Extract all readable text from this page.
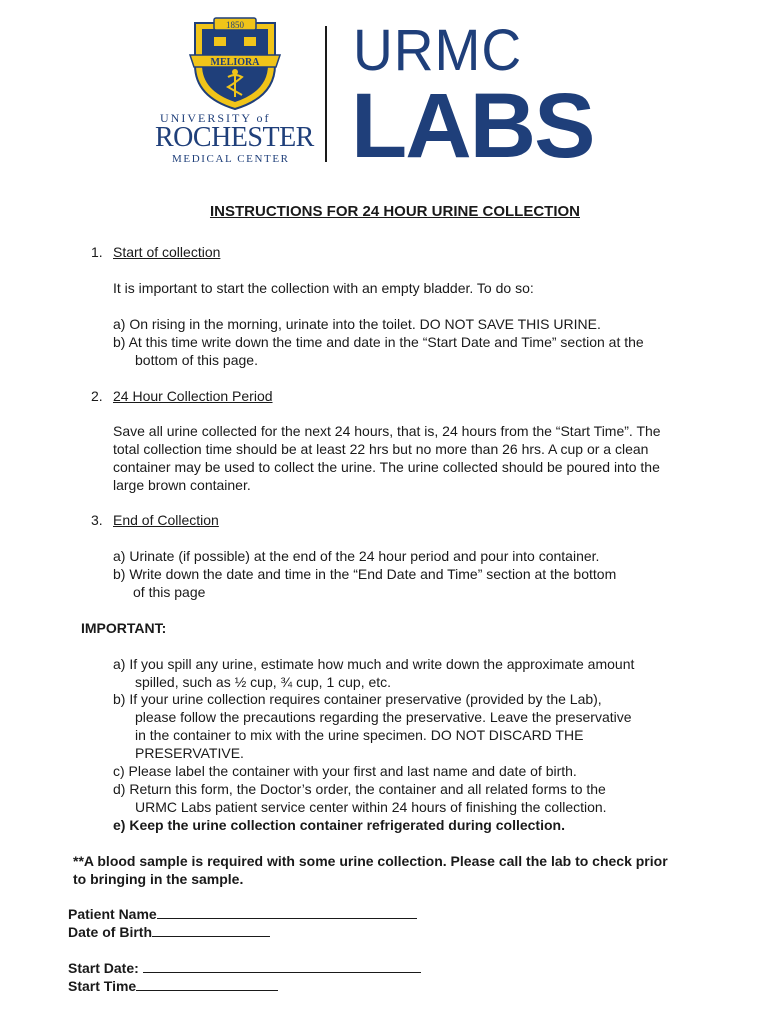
1850
MELIORA
UNIVERSITY of
ROCHESTER
MEDICAL CENTER
URMC
LABS
INSTRUCTIONS FOR 24 HOUR URINE COLLECTION
1. Start of collection
It is important to start the collection with an empty bladder. To do so:
a) On rising in the morning, urinate into the toilet. DO NOT SAVE THIS URINE.
b) At this time write down the time and date in the “Start Date and Time” section at the
bottom of this page.
2. 24 Hour Collection Period
Save all urine collected for the next 24 hours, that is, 24 hours from the “Start Time”. The
total collection time should be at least 22 hrs but no more than 26 hrs. A cup or a clean
container may be used to collect the urine. The urine collected should be poured into the
large brown container.
3. End of Collection
a) Urinate (if possible) at the end of the 24 hour period and pour into container.
b) Write down the date and time in the “End Date and Time” section at the bottom
of this page
IMPORTANT:
a) If you spill any urine, estimate how much and write down the approximate amount
spilled, such as ½ cup, ¾ cup, 1 cup, etc.
b) If your urine collection requires container preservative (provided by the Lab),
please follow the precautions regarding the preservative. Leave the preservative
in the container to mix with the urine specimen. DO NOT DISCARD THE
PRESERVATIVE.
c) Please label the container with your first and last name and date of birth.
d) Return this form, the Doctor’s order, the container and all related forms to the
URMC Labs patient service center within 24 hours of finishing the collection.
e) Keep the urine collection container refrigerated during collection.
**A blood sample is required with some urine collection. Please call the lab to check prior
to bringing in the sample.
Patient Name
Date of Birth
Start Date:
Start Time
